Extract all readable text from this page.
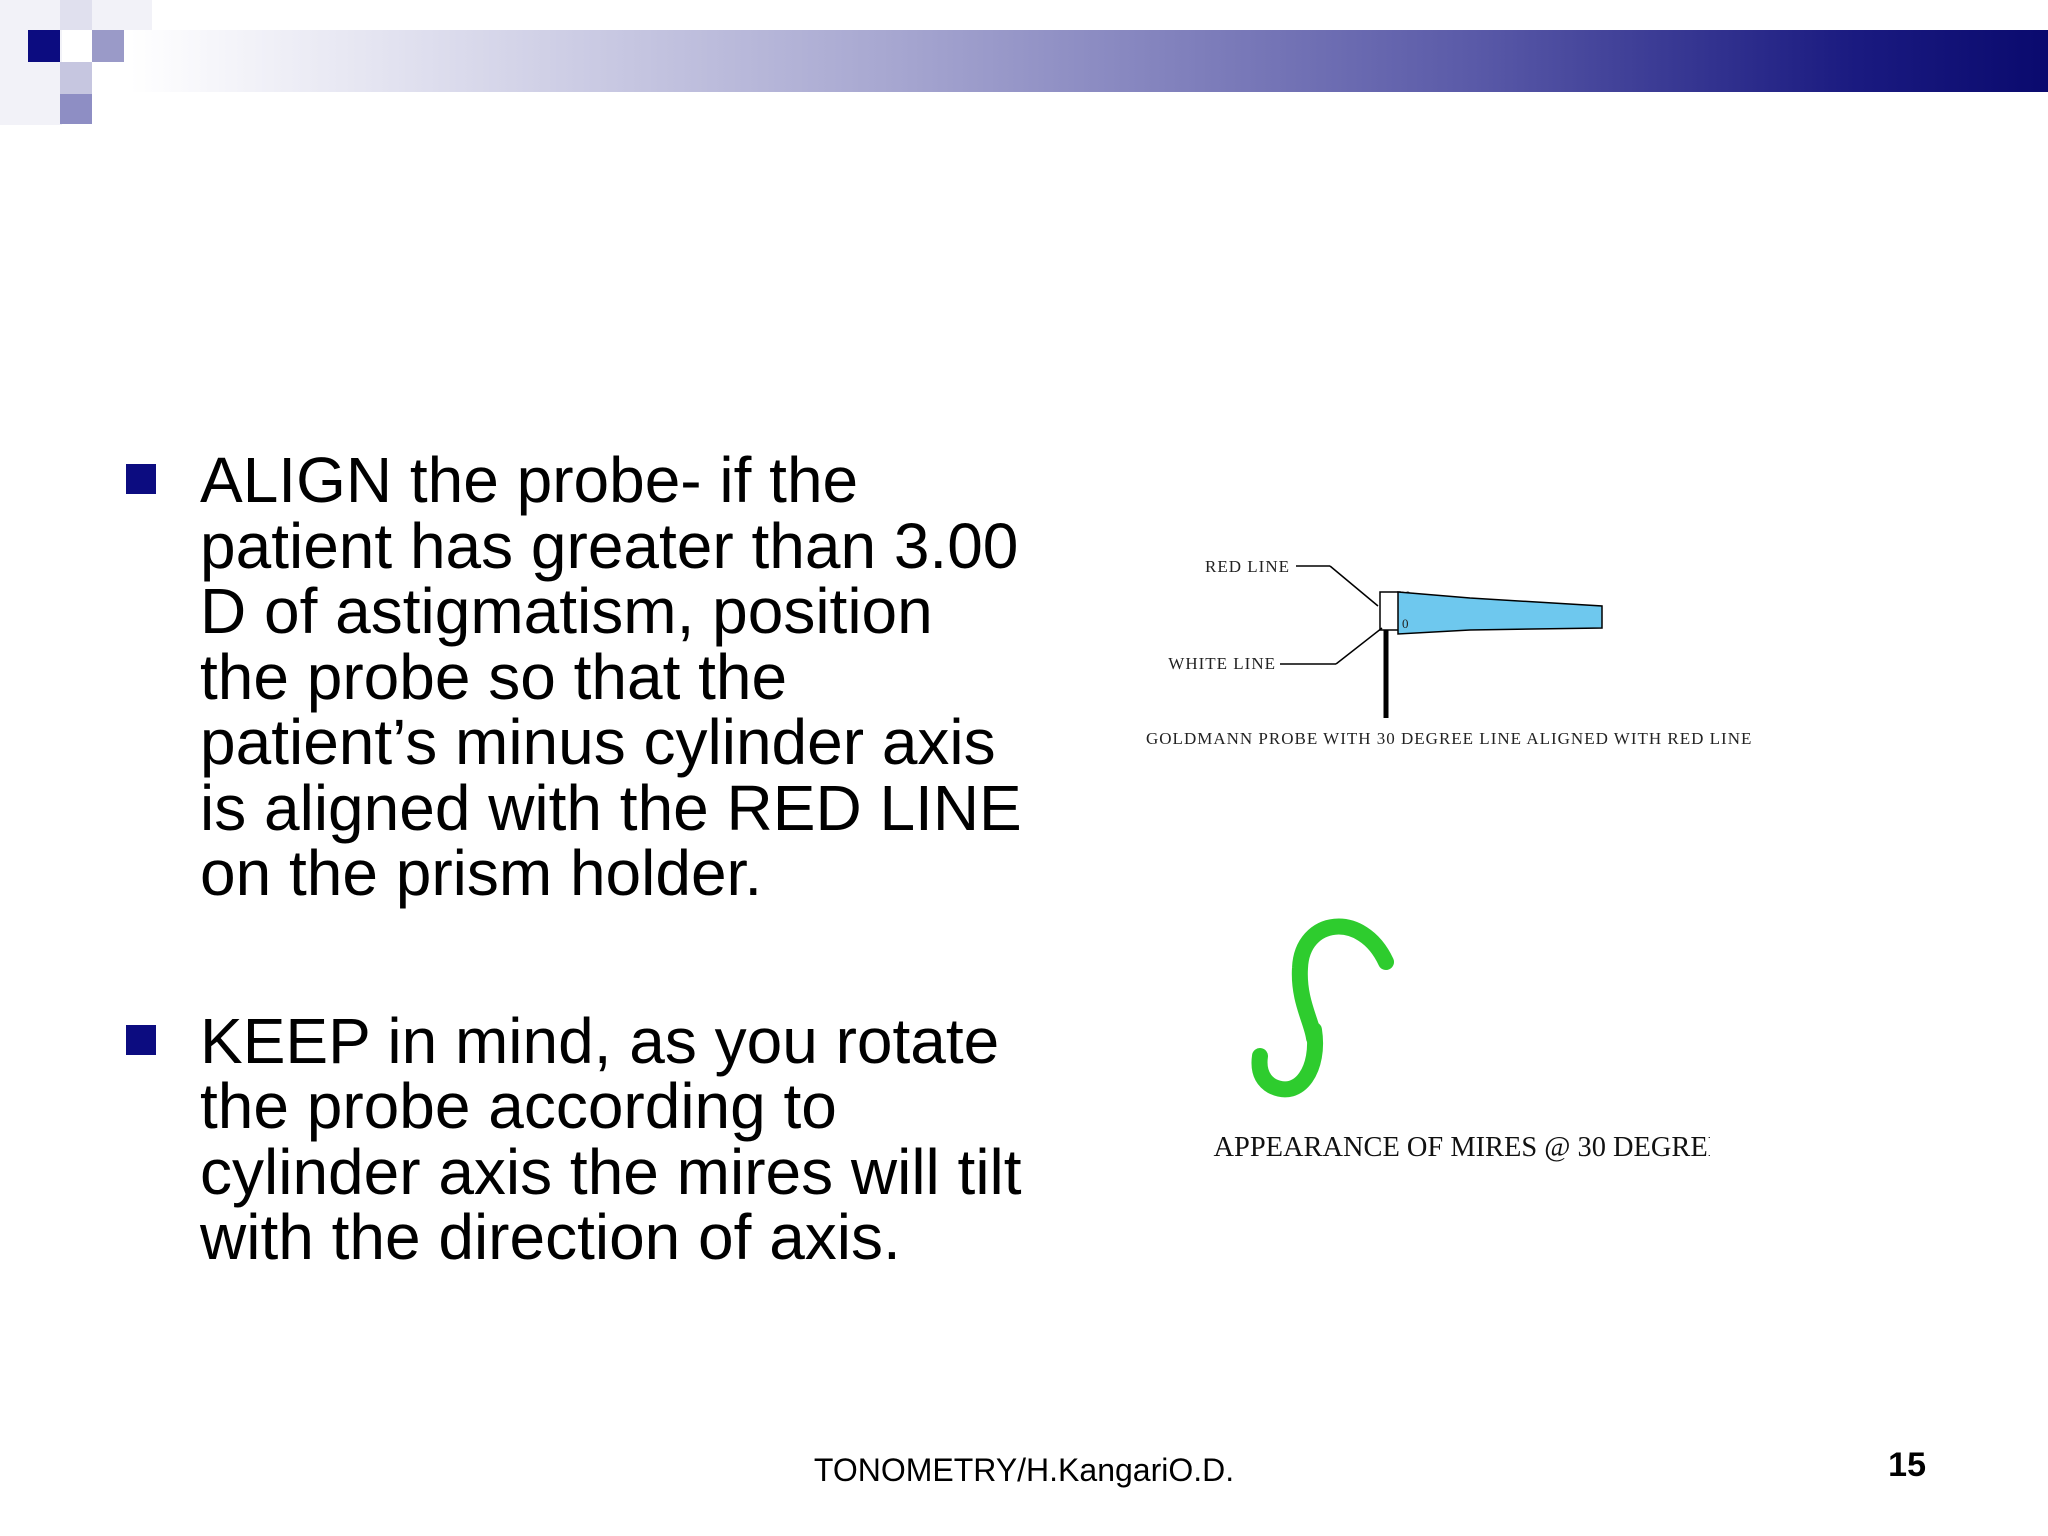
ALIGN the probe- if the patient has greater than 3.00 D of astigmatism, position the probe so that the patient’s minus cylinder axis is aligned with the RED LINE on the prism holder.
KEEP in mind, as you rotate the probe according to cylinder axis the mires will tilt with the direction of axis.
RED LINE
0
WHITE LINE
GOLDMANN PROBE WITH 30 DEGREE LINE ALIGNED WITH RED LINE
APPEARANCE OF MIRES @ 30 DEGREES
TONOMETRY/H.KangariO.D.	15
